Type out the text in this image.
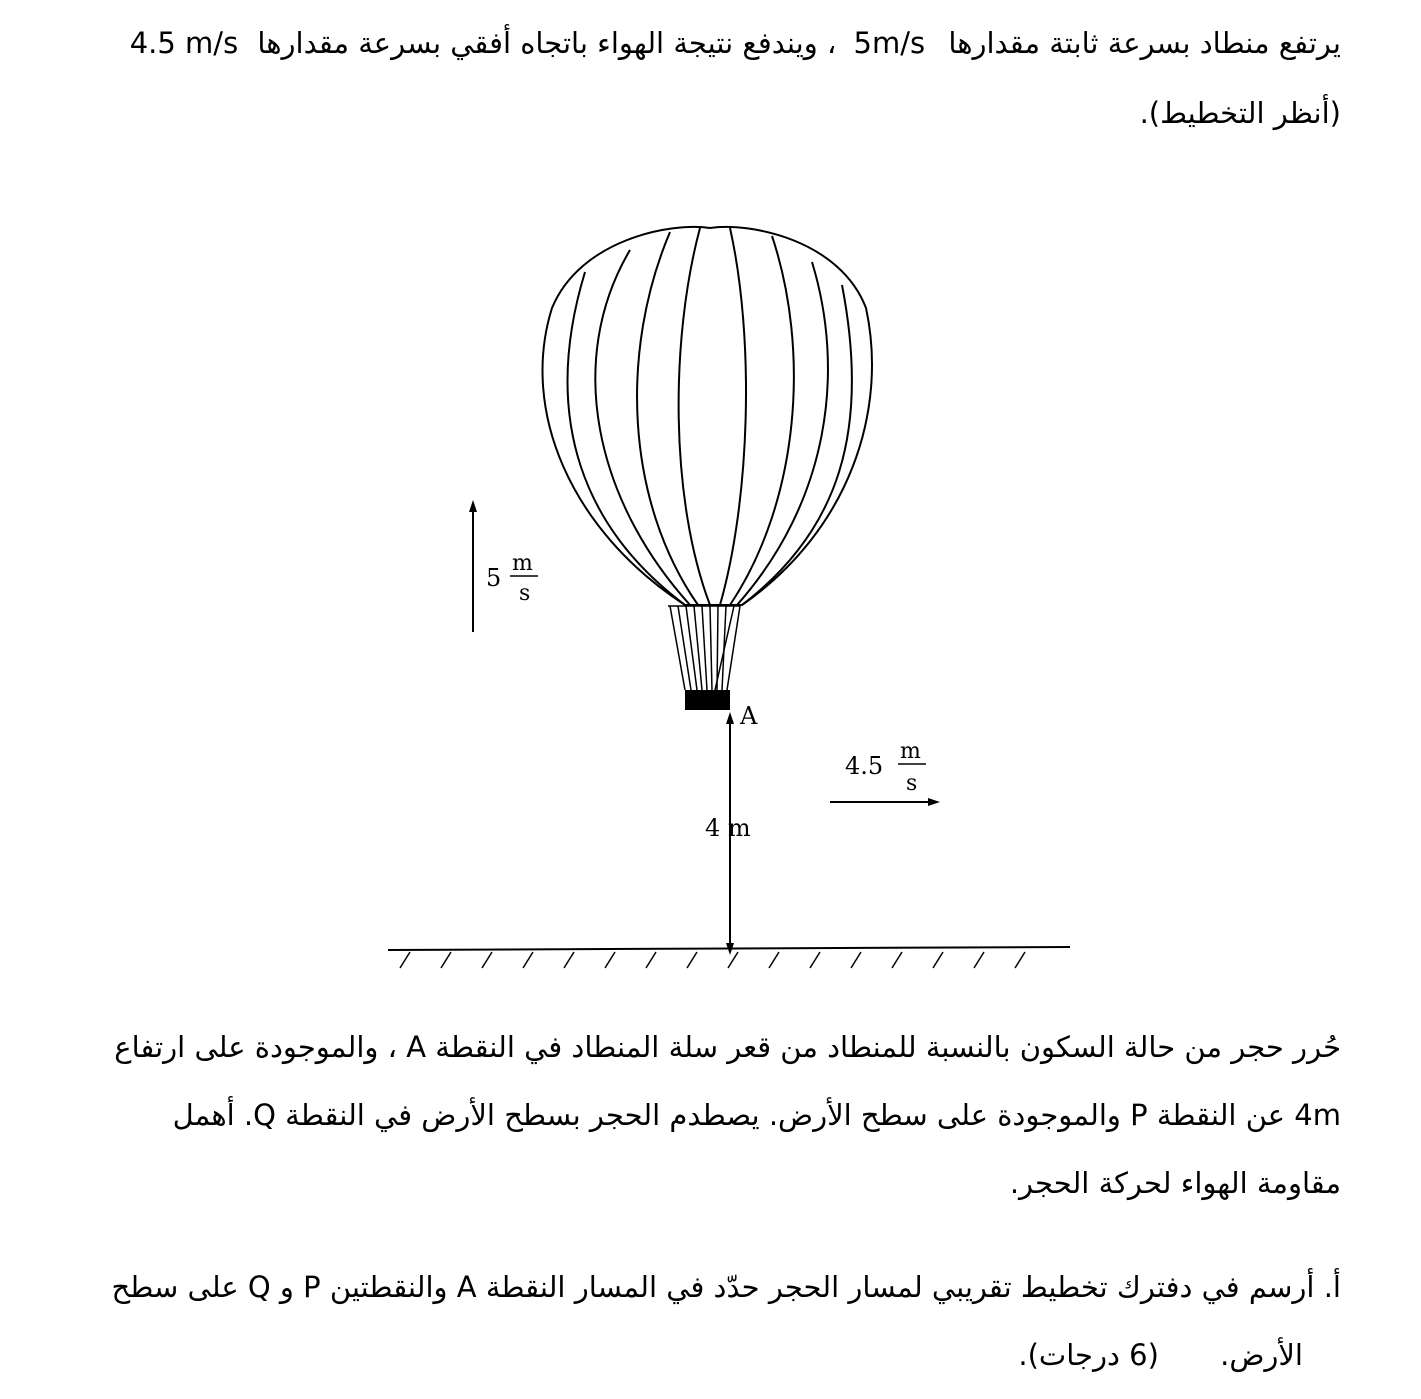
يرتفع منطاد بسرعة ثابتة مقدارها 5m/s ، ويندفع نتيجة الهواء باتجاه أفقي بسرعة مقدارها 4.5 m/s
(أنظر التخطيط).
A
5
m
s
4 m
4.5
m
s
حُرر حجر من حالة السكون بالنسبة للمنطاد من قعر سلة المنطاد في النقطة A ، والموجودة على ارتفاع
4m عن النقطة P والموجودة على سطح الأرض. يصطدم الحجر بسطح الأرض في النقطة Q. أهمل
مقاومة الهواء لحركة الحجر.
أ. أرسم في دفترك تخطيط تقريبي لمسار الحجر حدّد في المسار النقطة A والنقطتين P و Q على سطح
الأرض. (6 درجات).
